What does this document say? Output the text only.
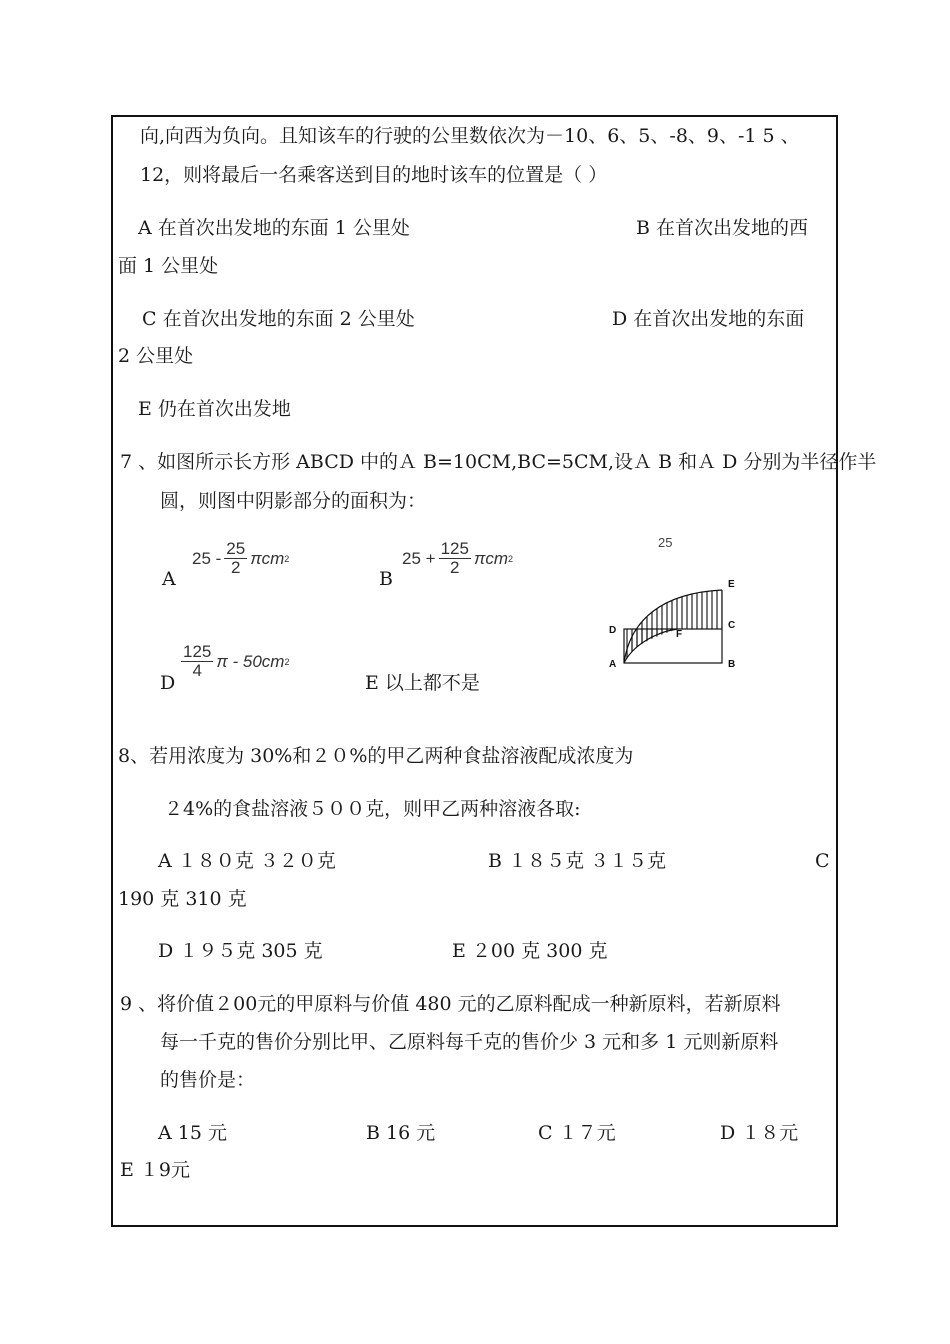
向,向西为负向。且知该车的行驶的公里数依次为－10、6、5、-8、9、-1 5 、
12，则将最后一名乘客送到目的地时该车的位置是（ ）
A 在首次出发地的东面 1 公里处	B 在首次出发地的西
面 1 公里处
C 在首次出发地的东面 2 公里处	D 在首次出发地的东面
2 公里处
E 仍在首次出发地
7 、如图所示长方形 ABCD 中的Ａ B=10CM,BC=5CM,设Ａ B 和Ａ D 分别为半径作半
圆，则图中阴影部分的面积为：
A
$25 - \frac{25}{2}$ πcm 2
B
$25 + \frac{125}{2}$ πcm 2
D
$\frac{125}{4}$ π - 50cm 2
E 以上都不是
25
A	B
C
D
E
F
8、若用浓度为 30%和２０%的甲乙两种食盐溶液配成浓度为
２4%的食盐溶液５００克，则甲乙两种溶液各取:
A １８０克 ３２０克	B １８５克 ３１５克	C
190 克 310 克
D １９５克 305 克	E ２00 克 300 克
9 、将价值２00元的甲原料与价值 480 元的乙原料配成一种新原料，若新原料
每一千克的售价分别比甲、乙原料每千克的售价少 3 元和多 1 元则新原料
的售价是：
A 15 元	B 16 元	C １７元	D １８元
E １9元
